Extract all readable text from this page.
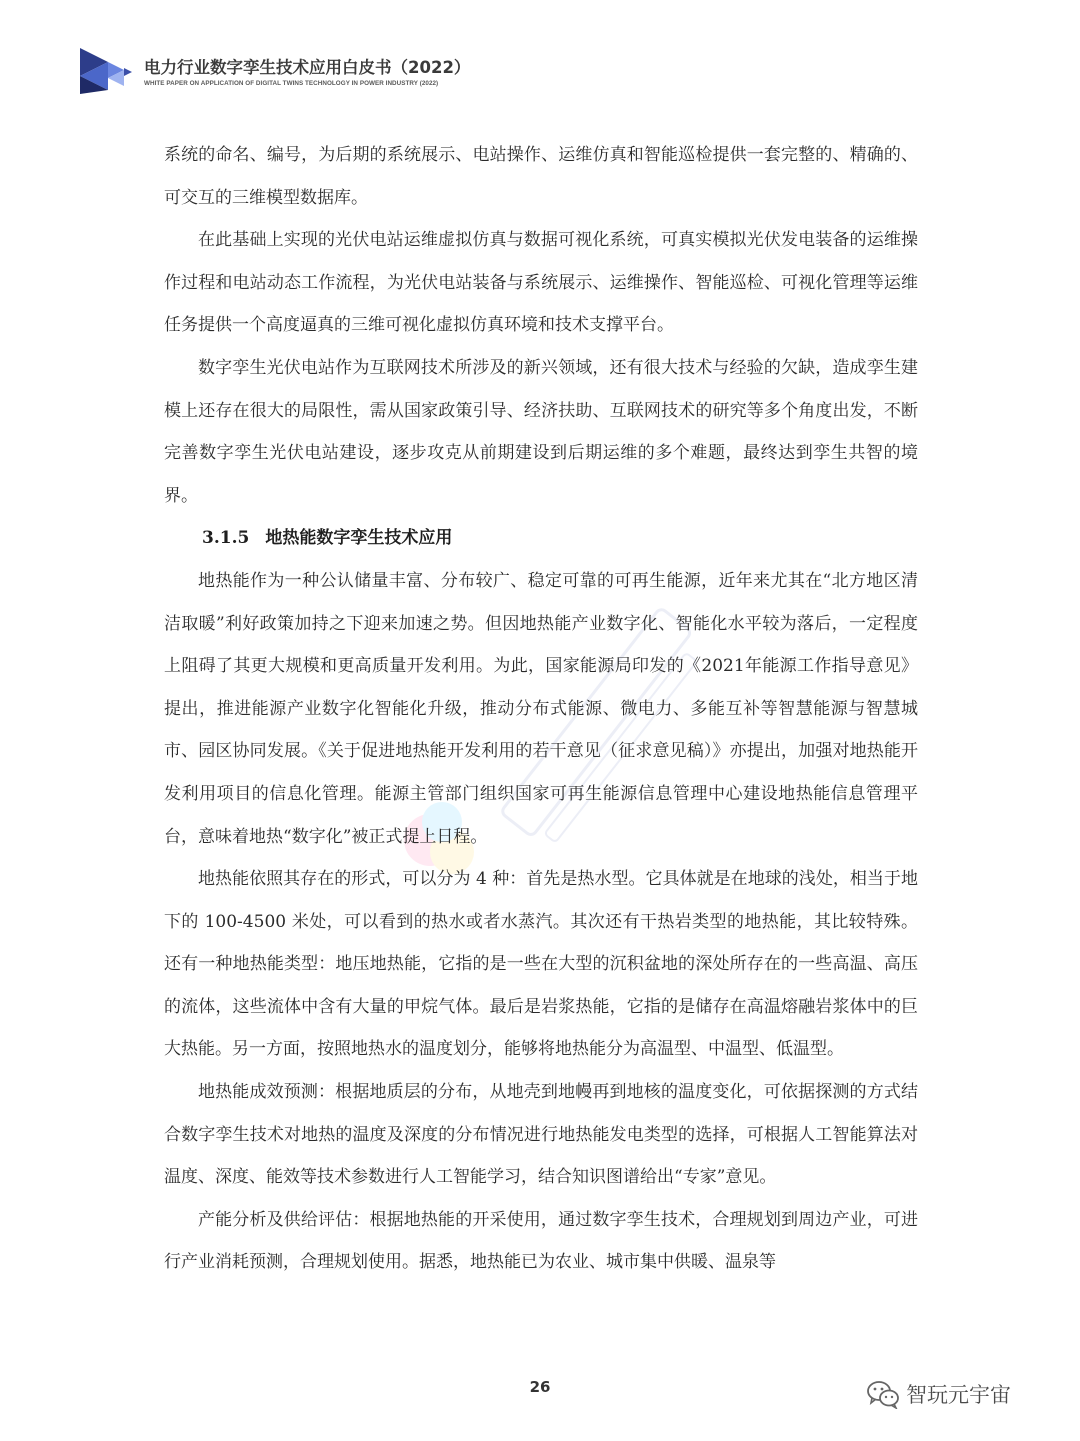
电力行业数字孪生技术应用白皮书（2022）
WHITE PAPER ON APPLICATION OF DIGITAL TWINS TECHNOLOGY IN POWER INDUSTRY (2022)

系统的命名、编号，为后期的系统展示、电站操作、运维仿真和智能巡检提供一套完整的、精确的、可交互的三维模型数据库。

在此基础上实现的光伏电站运维虚拟仿真与数据可视化系统，可真实模拟光伏发电装备的运维操作过程和电站动态工作流程，为光伏电站装备与系统展示、运维操作、智能巡检、可视化管理等运维任务提供一个高度逼真的三维可视化虚拟仿真环境和技术支撑平台。

数字孪生光伏电站作为互联网技术所涉及的新兴领域，还有很大技术与经验的欠缺，造成孪生建模上还存在很大的局限性，需从国家政策引导、经济扶助、互联网技术的研究等多个角度出发，不断完善数字孪生光伏电站建设，逐步攻克从前期建设到后期运维的多个难题，最终达到孪生共智的境界。

3.1.5 地热能数字孪生技术应用

地热能作为一种公认储量丰富、分布较广、稳定可靠的可再生能源，近年来尤其在“北方地区清洁取暖”利好政策加持之下迎来加速之势。但因地热能产业数字化、智能化水平较为落后，一定程度上阻碍了其更大规模和更高质量开发利用。为此，国家能源局印发的《2021年能源工作指导意见》提出，推进能源产业数字化智能化升级，推动分布式能源、微电力、多能互补等智慧能源与智慧城市、园区协同发展。《关于促进地热能开发利用的若干意见（征求意见稿）》亦提出，加强对地热能开发利用项目的信息化管理。能源主管部门组织国家可再生能源信息管理中心建设地热能信息管理平台，意味着地热“数字化”被正式提上日程。

地热能依照其存在的形式，可以分为 4 种：首先是热水型。它具体就是在地球的浅处，相当于地下的 100-4500 米处，可以看到的热水或者水蒸汽。其次还有干热岩类型的地热能，其比较特殊。还有一种地热能类型：地压地热能，它指的是一些在大型的沉积盆地的深处所存在的一些高温、高压的流体，这些流体中含有大量的甲烷气体。最后是岩浆热能，它指的是储存在高温熔融岩浆体中的巨大热能。另一方面，按照地热水的温度划分，能够将地热能分为高温型、中温型、低温型。

地热能成效预测：根据地质层的分布，从地壳到地幔再到地核的温度变化，可依据探测的方式结合数字孪生技术对地热的温度及深度的分布情况进行地热能发电类型的选择，可根据人工智能算法对温度、深度、能效等技术参数进行人工智能学习，结合知识图谱给出“专家”意见。

产能分析及供给评估：根据地热能的开采使用，通过数字孪生技术，合理规划到周边产业，可进行产业消耗预测，合理规划使用。据悉，地热能已为农业、城市集中供暖、温泉等

26	智玩元宇宙
